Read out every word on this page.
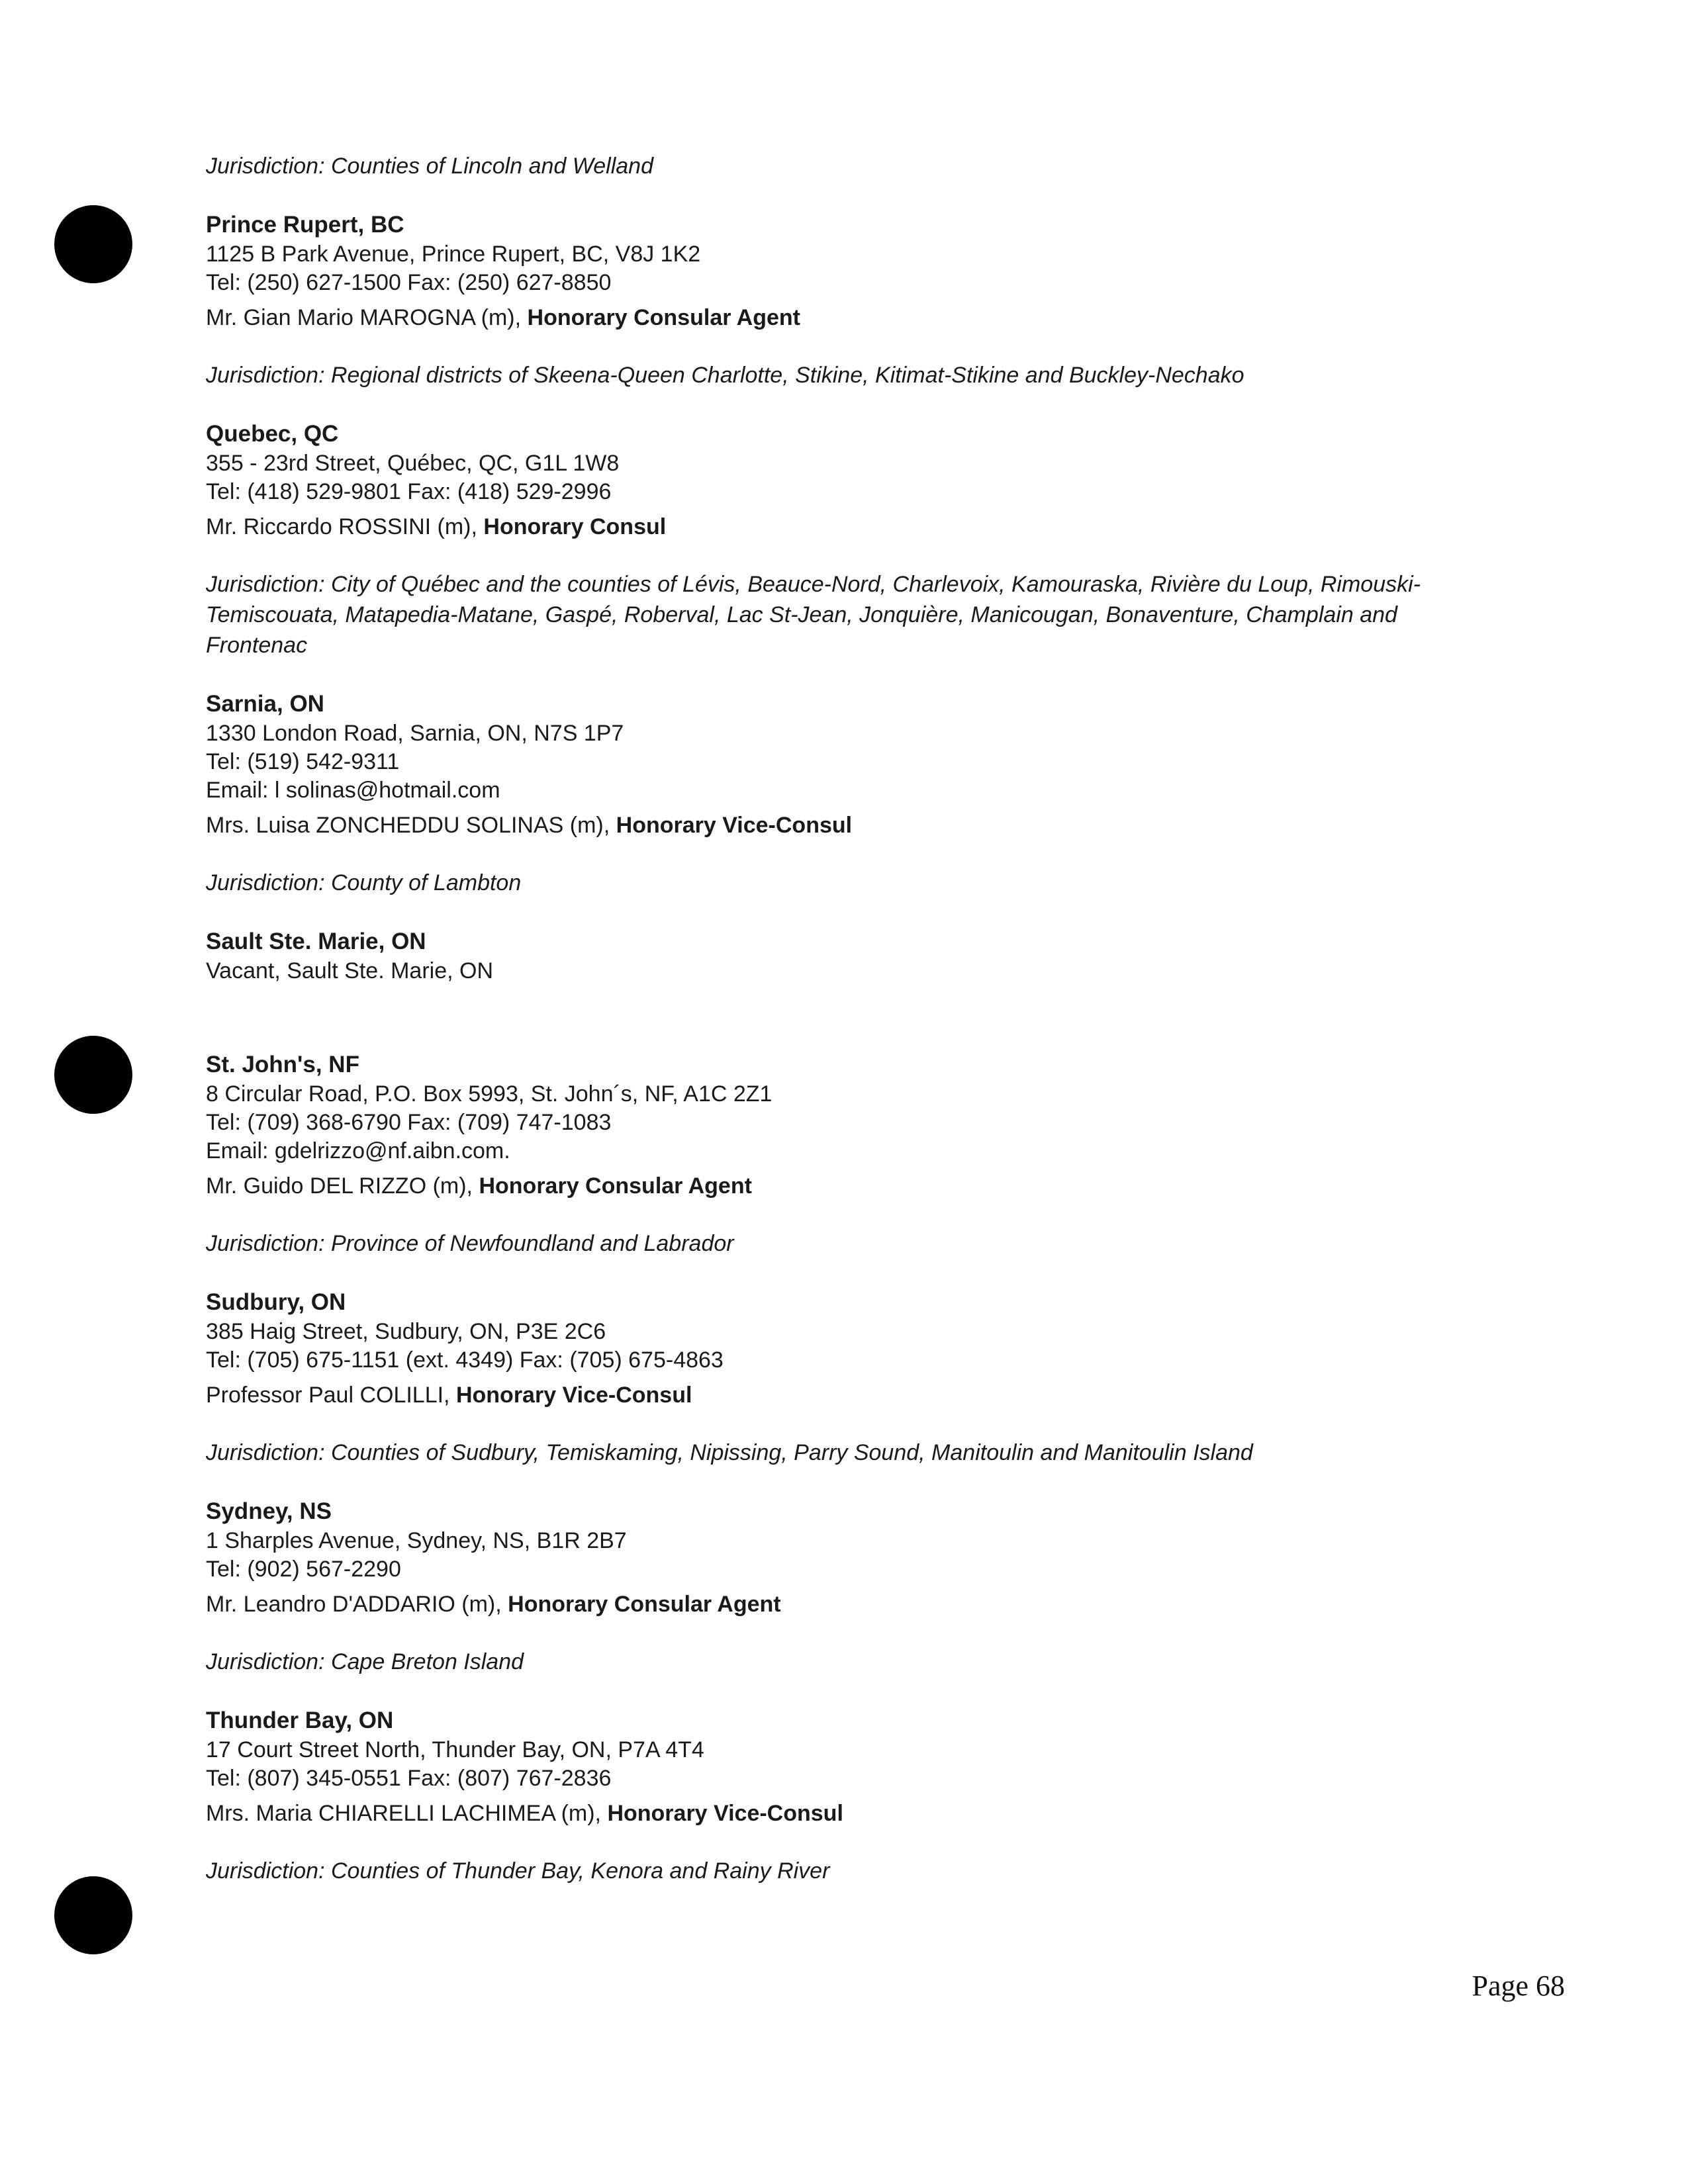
Jurisdiction: Counties of Lincoln and Welland
Prince Rupert, BC
1125 B Park Avenue, Prince Rupert, BC, V8J 1K2
Tel: (250) 627-1500 Fax: (250) 627-8850
Mr. Gian Mario MAROGNA (m), Honorary Consular Agent
Jurisdiction: Regional districts of Skeena-Queen Charlotte, Stikine, Kitimat-Stikine and Buckley-Nechako
Quebec, QC
355 - 23rd Street, Québec, QC, G1L 1W8
Tel: (418) 529-9801 Fax: (418) 529-2996
Mr. Riccardo ROSSINI (m), Honorary Consul
Jurisdiction: City of Québec and the counties of Lévis, Beauce-Nord, Charlevoix, Kamouraska, Rivière du Loup, Rimouski-Temiscouata, Matapedia-Matane, Gaspé, Roberval, Lac St-Jean, Jonquière, Manicougan, Bonaventure, Champlain and Frontenac
Sarnia, ON
1330 London Road, Sarnia, ON, N7S 1P7
Tel: (519) 542-9311
Email: l solinas@hotmail.com
Mrs. Luisa ZONCHEDDU SOLINAS (m), Honorary Vice-Consul
Jurisdiction: County of Lambton
Sault Ste. Marie, ON
Vacant, Sault Ste. Marie, ON
St. John's, NF
8 Circular Road, P.O. Box 5993, St. John´s, NF, A1C 2Z1
Tel: (709) 368-6790 Fax: (709) 747-1083
Email: gdelrizzo@nf.aibn.com.
Mr. Guido DEL RIZZO (m), Honorary Consular Agent
Jurisdiction: Province of Newfoundland and Labrador
Sudbury, ON
385 Haig Street, Sudbury, ON, P3E 2C6
Tel: (705) 675-1151 (ext. 4349) Fax: (705) 675-4863
Professor Paul COLILLI, Honorary Vice-Consul
Jurisdiction: Counties of Sudbury, Temiskaming, Nipissing, Parry Sound, Manitoulin and Manitoulin Island
Sydney, NS
1 Sharples Avenue, Sydney, NS, B1R 2B7
Tel: (902) 567-2290
Mr. Leandro D'ADDARIO (m), Honorary Consular Agent
Jurisdiction: Cape Breton Island
Thunder Bay, ON
17 Court Street North, Thunder Bay, ON, P7A 4T4
Tel: (807) 345-0551 Fax: (807) 767-2836
Mrs. Maria CHIARELLI LACHIMEA (m), Honorary Vice-Consul
Jurisdiction: Counties of Thunder Bay, Kenora and Rainy River
Page 68
